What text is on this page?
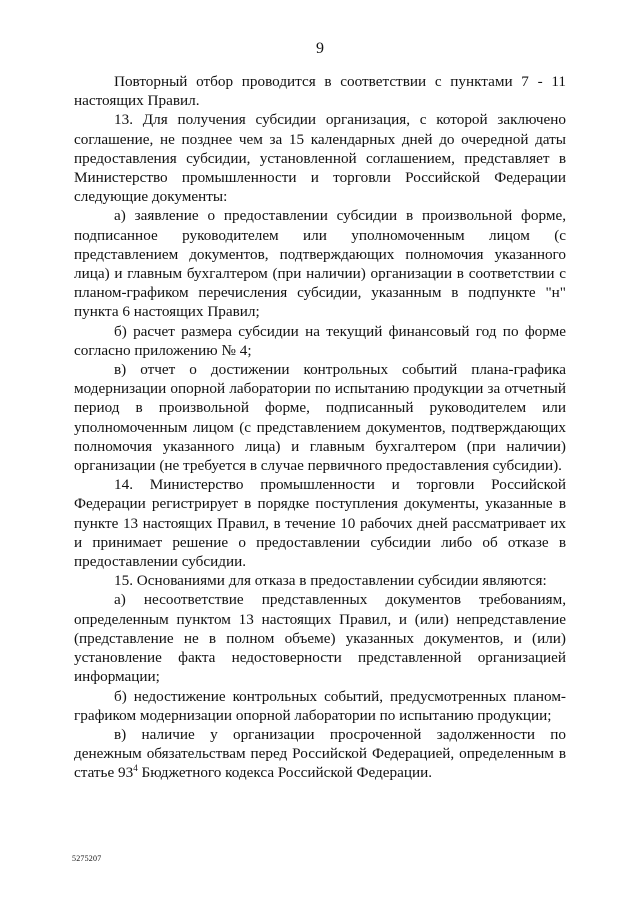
9

Повторный отбор проводится в соответствии с пунктами 7 - 11 настоящих Правил.

13. Для получения субсидии организация, с которой заключено соглашение, не позднее чем за 15 календарных дней до очередной даты предоставления субсидии, установленной соглашением, представляет в Министерство промышленности и торговли Российской Федерации следующие документы:

а) заявление о предоставлении субсидии в произвольной форме, подписанное руководителем или уполномоченным лицом (с представлением документов, подтверждающих полномочия указанного лица) и главным бухгалтером (при наличии) организации в соответствии с планом-графиком перечисления субсидии, указанным в подпункте "н" пункта 6 настоящих Правил;

б) расчет размера субсидии на текущий финансовый год по форме согласно приложению № 4;

в) отчет о достижении контрольных событий плана-графика модернизации опорной лаборатории по испытанию продукции за отчетный период в произвольной форме, подписанный руководителем или уполномоченным лицом (с представлением документов, подтверждающих полномочия указанного лица) и главным бухгалтером (при наличии) организации (не требуется в случае первичного предоставления субсидии).

14. Министерство промышленности и торговли Российской Федерации регистрирует в порядке поступления документы, указанные в пункте 13 настоящих Правил, в течение 10 рабочих дней рассматривает их и принимает решение о предоставлении субсидии либо об отказе в предоставлении субсидии.

15. Основаниями для отказа в предоставлении субсидии являются:

а) несоответствие представленных документов требованиям, определенным пунктом 13 настоящих Правил, и (или) непредставление (представление не в полном объеме) указанных документов, и (или) установление факта недостоверности представленной организацией информации;

б) недостижение контрольных событий, предусмотренных планом-графиком модернизации опорной лаборатории по испытанию продукции;

в) наличие у организации просроченной задолженности по денежным обязательствам перед Российской Федерацией, определенным в статье $93^4$ Бюджетного кодекса Российской Федерации.

5275207
